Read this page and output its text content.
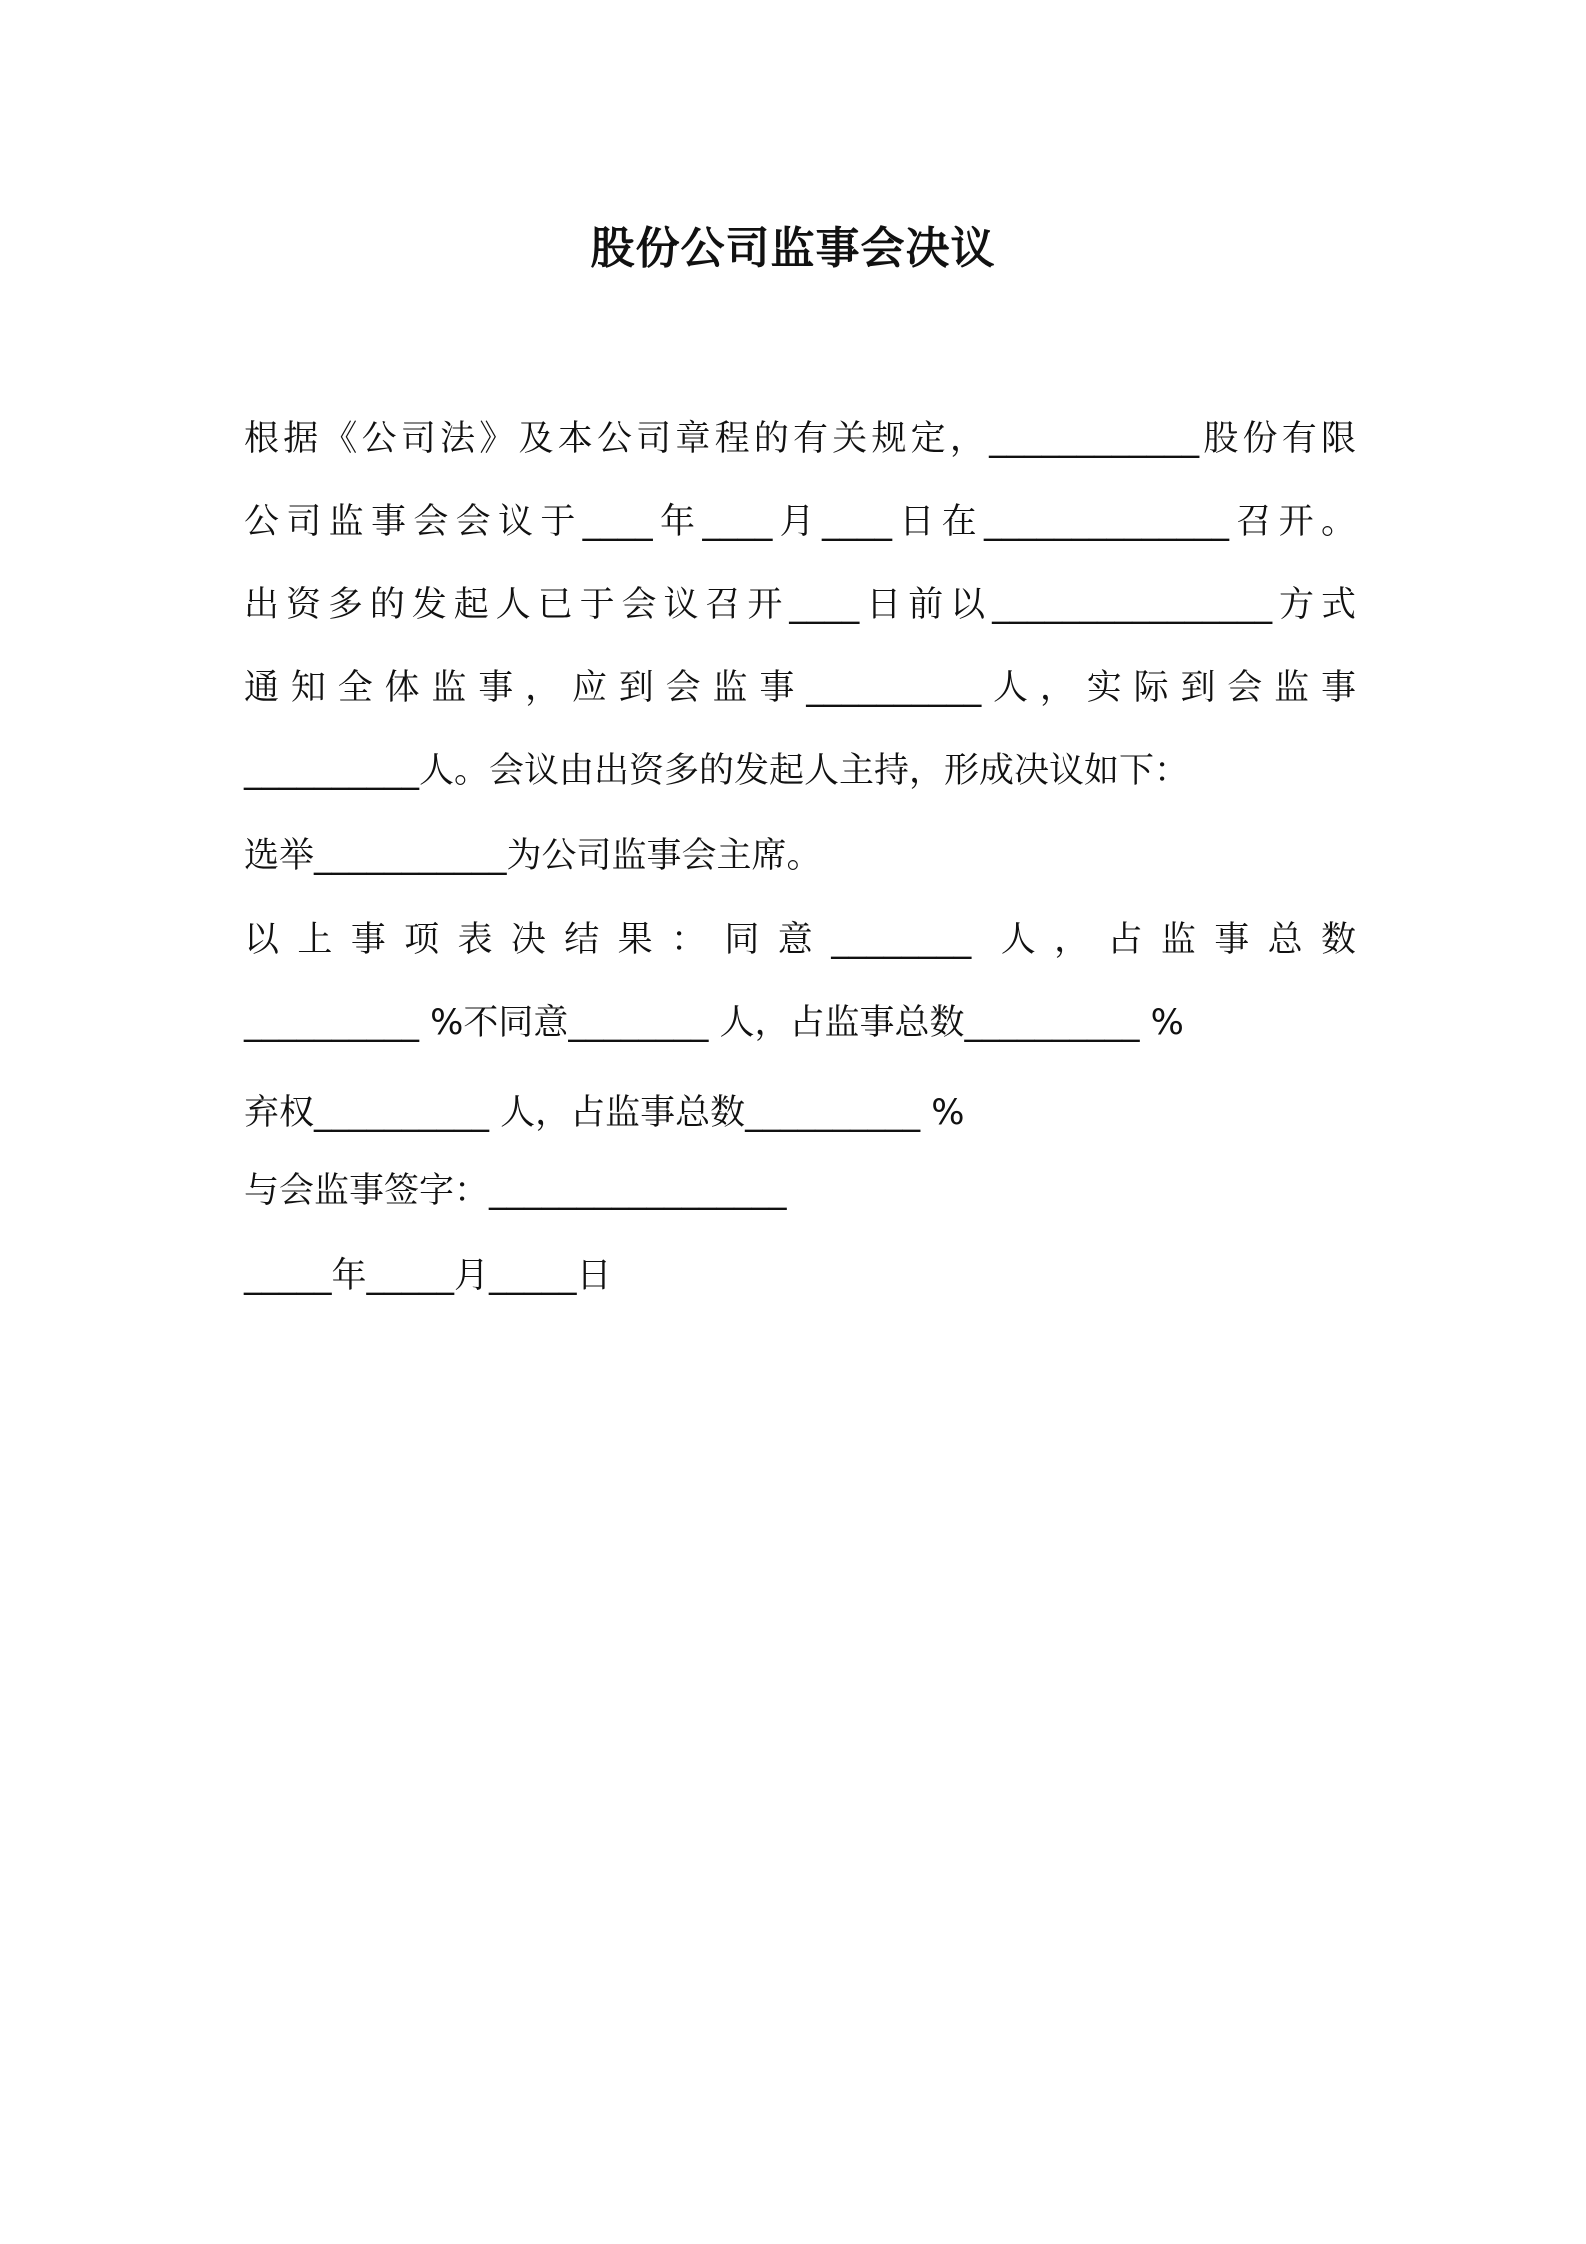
股份公司监事会决议
根据《公司法》及本公司章程的有关规定，____________股份有限
公司监事会会议于____年____月____日在______________召开。
出资多的发起人已于会议召开____日前以________________方式
通知全体监事，应到会监事__________人，实际到会监事
__________人。会议由出资多的发起人主持，形成决议如下：
选举___________为公司监事会主席。
以上事项表决结果：同意________ 人，占监事总数
__________ %不同意________ 人，占监事总数__________ %
弃权__________ 人，占监事总数__________ %
与会监事签字：_________________
_____年_____月_____日
